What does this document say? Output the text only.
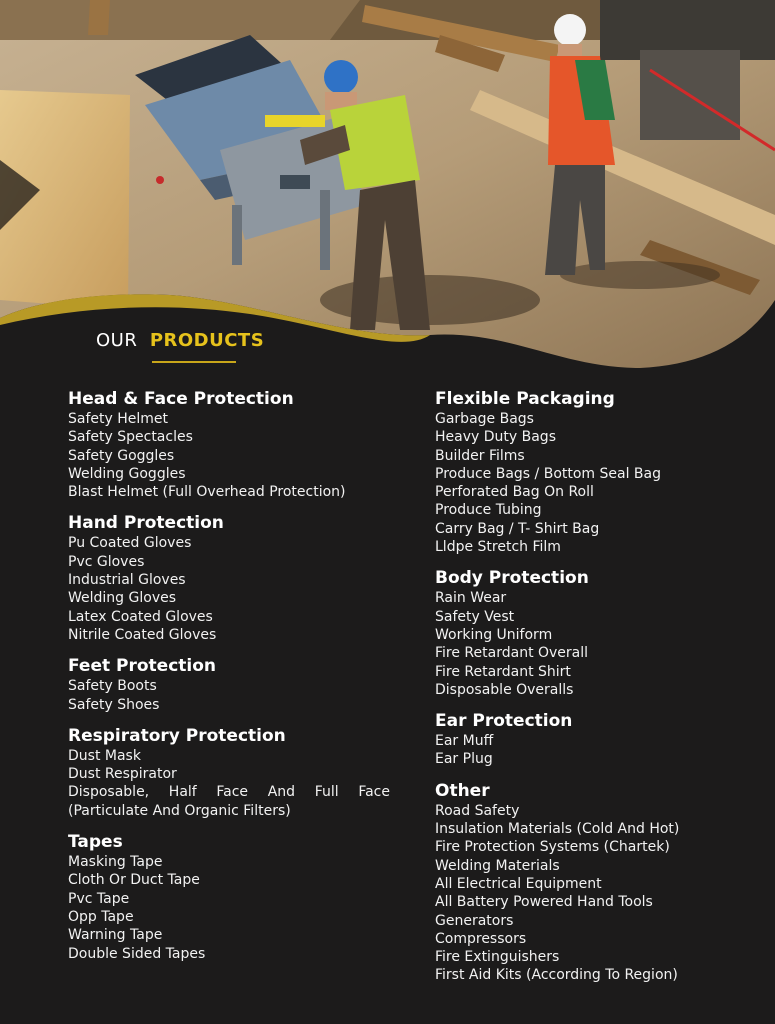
OUR PRODUCTS
Head & Face Protection
Safety Helmet
Safety Spectacles
Safety Goggles
Welding Goggles
Blast Helmet (Full Overhead Protection)
Hand Protection
Pu Coated Gloves
Pvc Gloves
Industrial Gloves
Welding Gloves
Latex Coated Gloves
Nitrile Coated Gloves
Feet Protection
Safety Boots
Safety Shoes
Respiratory Protection
Dust Mask
Dust Respirator
Disposable, Half Face And Full Face (Particulate And Organic Filters)
Tapes
Masking Tape
Cloth Or Duct Tape
Pvc Tape
Opp Tape
Warning Tape
Double Sided Tapes
Flexible Packaging
Garbage Bags
Heavy Duty Bags
Builder Films
Produce Bags / Bottom Seal Bag
Perforated Bag On Roll
Produce Tubing
Carry Bag / T- Shirt Bag
Lldpe Stretch Film
Body Protection
Rain Wear
Safety Vest
Working Uniform
Fire Retardant Overall
Fire Retardant Shirt
Disposable Overalls
Ear Protection
Ear Muff
Ear Plug
Other
Road Safety
Insulation Materials (Cold And Hot)
Fire Protection Systems (Chartek)
Welding Materials
All Electrical Equipment
All Battery Powered Hand Tools
Generators
Compressors
Fire Extinguishers
First Aid Kits (According To Region)
